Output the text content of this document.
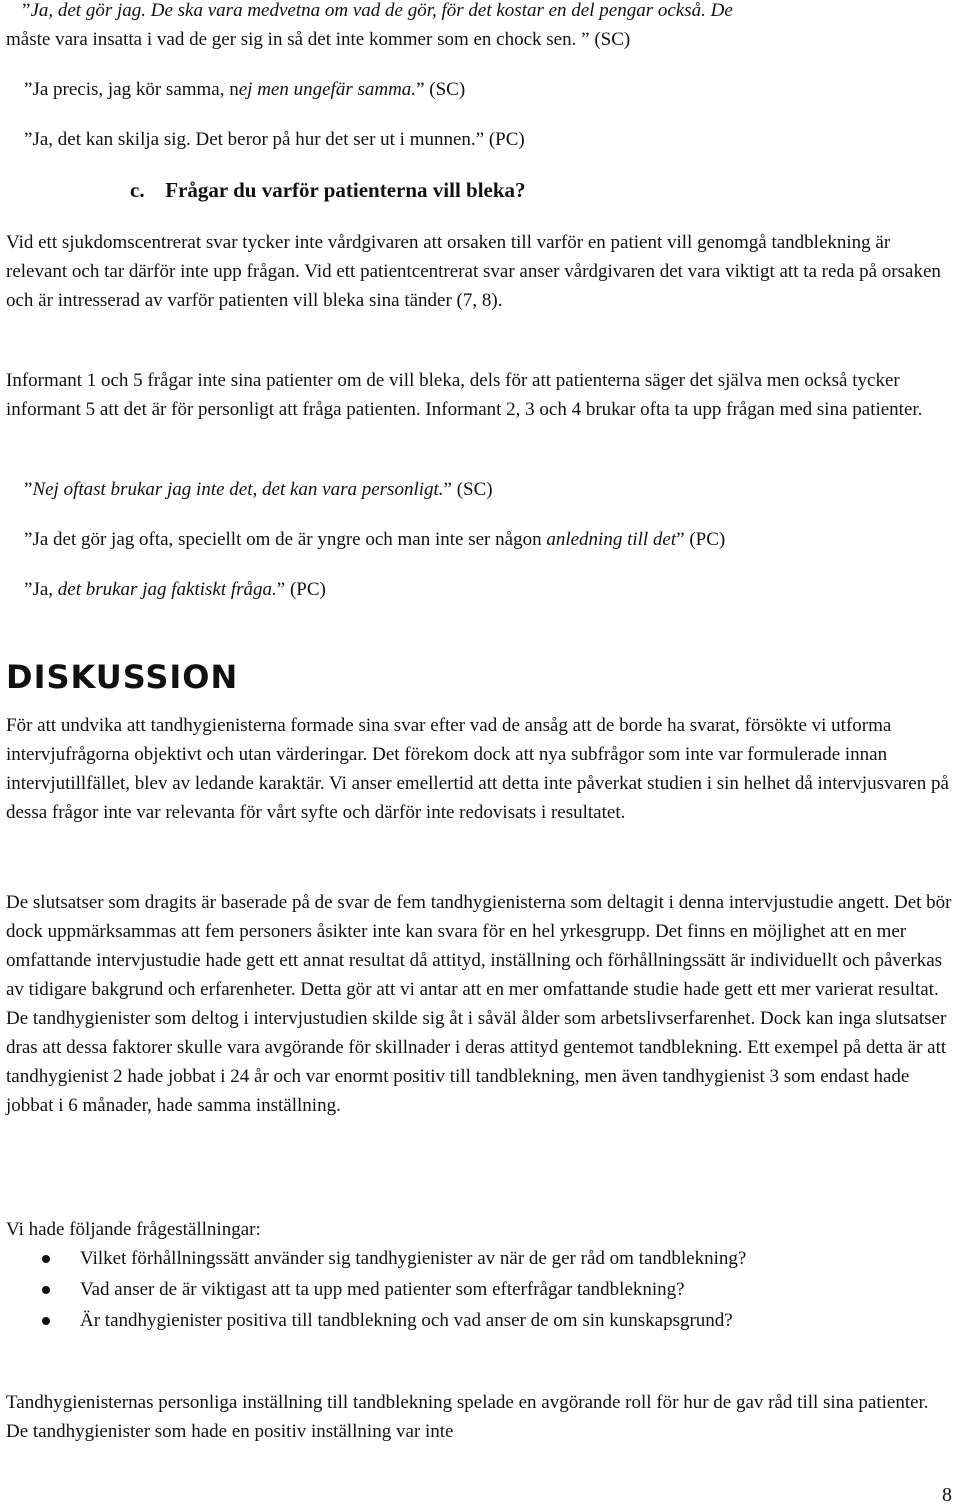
”Ja, det gör jag. De ska vara medvetna om vad de gör, för det kostar en del pengar också. De

måste vara insatta i vad de ger sig in så det inte kommer som en chock sen. ” (SC)

”Ja precis, jag kör samma, nej men ungefär samma.” (SC)

”Ja, det kan skilja sig. Det beror på hur det ser ut i munnen.” (PC)

c. Frågar du varför patienterna vill bleka?

Vid ett sjukdomscentrerat svar tycker inte vårdgivaren att orsaken till varför en patient vill genomgå tandblekning är relevant och tar därför inte upp frågan. Vid ett patientcentrerat svar anser vårdgivaren det vara viktigt att ta reda på orsaken och är intresserad av varför patienten vill bleka sina tänder (7, 8).

Informant 1 och 5 frågar inte sina patienter om de vill bleka, dels för att patienterna säger det själva men också tycker informant 5 att det är för personligt att fråga patienten. Informant 2, 3 och 4 brukar ofta ta upp frågan med sina patienter.

”Nej oftast brukar jag inte det, det kan vara personligt.” (SC)

”Ja det gör jag ofta, speciellt om de är yngre och man inte ser någon anledning till det” (PC)

”Ja, det brukar jag faktiskt fråga.” (PC)

DISKUSSION

För att undvika att tandhygienisterna formade sina svar efter vad de ansåg att de borde ha svarat, försökte vi utforma intervjufrågorna objektivt och utan värderingar. Det förekom dock att nya subfrågor som inte var formulerade innan intervjutillfället, blev av ledande karaktär. Vi anser emellertid att detta inte påverkat studien i sin helhet då intervjusvaren på dessa frågor inte var relevanta för vårt syfte och därför inte redovisats i resultatet.

De slutsatser som dragits är baserade på de svar de fem tandhygienisterna som deltagit i denna intervjustudie angett. Det bör dock uppmärksammas att fem personers åsikter inte kan svara för en hel yrkesgrupp. Det finns en möjlighet att en mer omfattande intervjustudie hade gett ett annat resultat då attityd, inställning och förhållningssätt är individuellt och påverkas av tidigare bakgrund och erfarenheter. Detta gör att vi antar att en mer omfattande studie hade gett ett mer varierat resultat. De tandhygienister som deltog i intervjustudien skilde sig åt i såväl ålder som arbetslivserfarenhet. Dock kan inga slutsatser dras att dessa faktorer skulle vara avgörande för skillnader i deras attityd gentemot tandblekning. Ett exempel på detta är att tandhygienist 2 hade jobbat i 24 år och var enormt positiv till tandblekning, men även tandhygienist 3 som endast hade jobbat i 6 månader, hade samma inställning.

Vi hade följande frågeställningar:

Vilket förhållningssätt använder sig tandhygienister av när de ger råd om tandblekning?
Vad anser de är viktigast att ta upp med patienter som efterfrågar tandblekning?
Är tandhygienister positiva till tandblekning och vad anser de om sin kunskapsgrund?

Tandhygienisternas personliga inställning till tandblekning spelade en avgörande roll för hur de gav råd till sina patienter. De tandhygienister som hade en positiv inställning var inte

8
